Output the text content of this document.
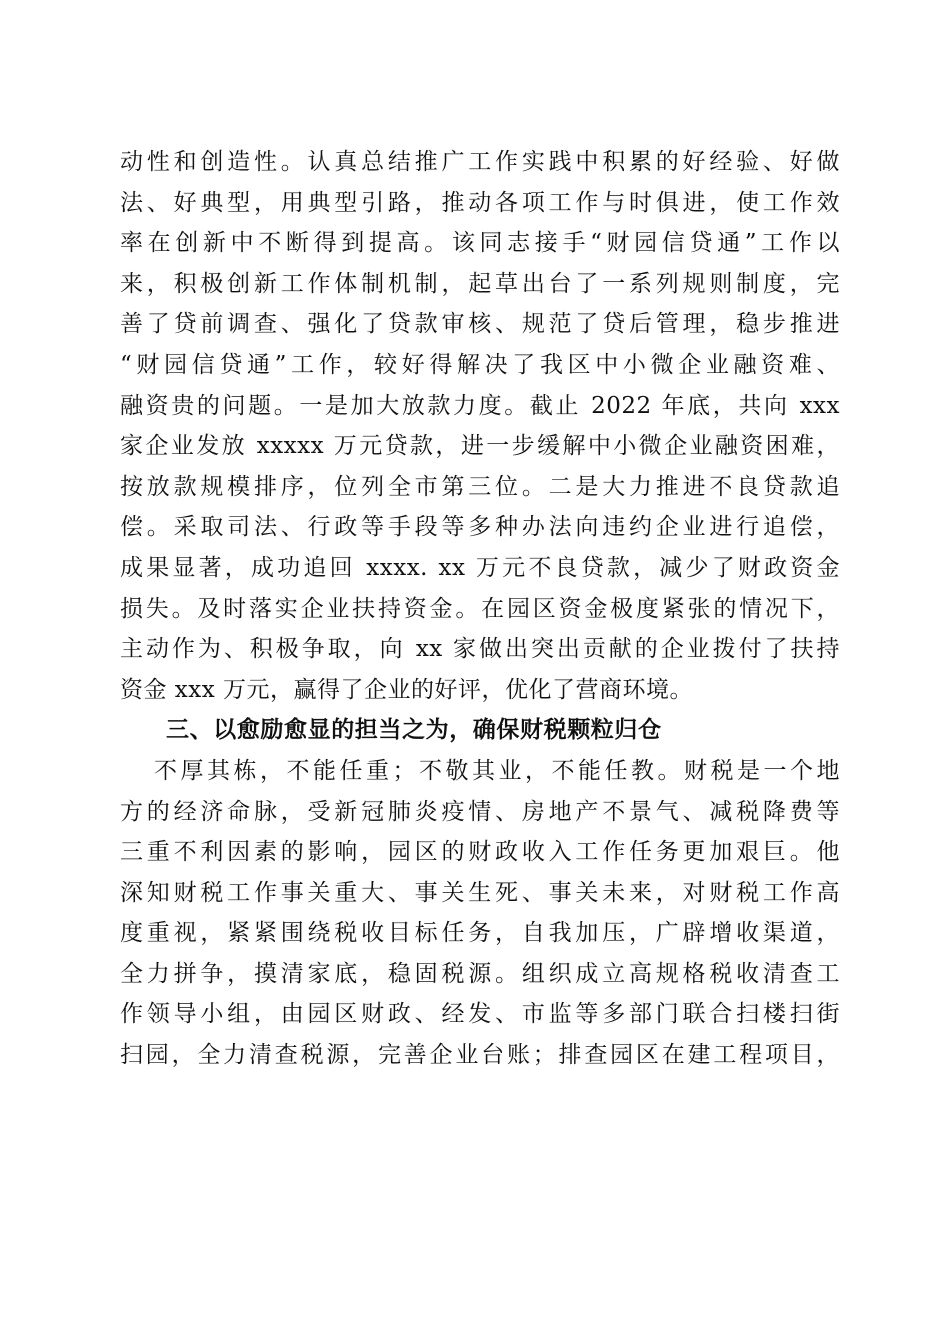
动性和创造性。认真总结推广工作实践中积累的好经验、好做
法、好典型，用典型引路，推动各项工作与时俱进，使工作效
率在创新中不断得到提高。该同志接手“财园信贷通”工作以
来，积极创新工作体制机制，起草出台了一系列规则制度，完
善了贷前调查、强化了贷款审核、规范了贷后管理，稳步推进
“财园信贷通”工作，较好得解决了我区中小微企业融资难、
融资贵的问题。一是加大放款力度。截止 2022 年底，共向 xxx
家企业发放 xxxxx 万元贷款，进一步缓解中小微企业融资困难，
按放款规模排序，位列全市第三位。二是大力推进不良贷款追
偿。采取司法、行政等手段等多种办法向违约企业进行追偿，
成果显著，成功追回 xxxx. xx 万元不良贷款，减少了财政资金
损失。及时落实企业扶持资金。在园区资金极度紧张的情况下，
主动作为、积极争取，向 xx 家做出突出贡献的企业拨付了扶持
资金 xxx 万元，赢得了企业的好评，优化了营商环境。
三、以愈励愈显的担当之为，确保财税颗粒归仓
不厚其栋，不能任重；不敬其业，不能任教。财税是一个地
方的经济命脉，受新冠肺炎疫情、房地产不景气、减税降费等
三重不利因素的影响，园区的财政收入工作任务更加艰巨。他
深知财税工作事关重大、事关生死、事关未来，对财税工作高
度重视，紧紧围绕税收目标任务，自我加压，广辟增收渠道，
全力拼争，摸清家底，稳固税源。组织成立高规格税收清查工
作领导小组，由园区财政、经发、市监等多部门联合扫楼扫街
扫园，全力清查税源，完善企业台账；排查园区在建工程项目，
